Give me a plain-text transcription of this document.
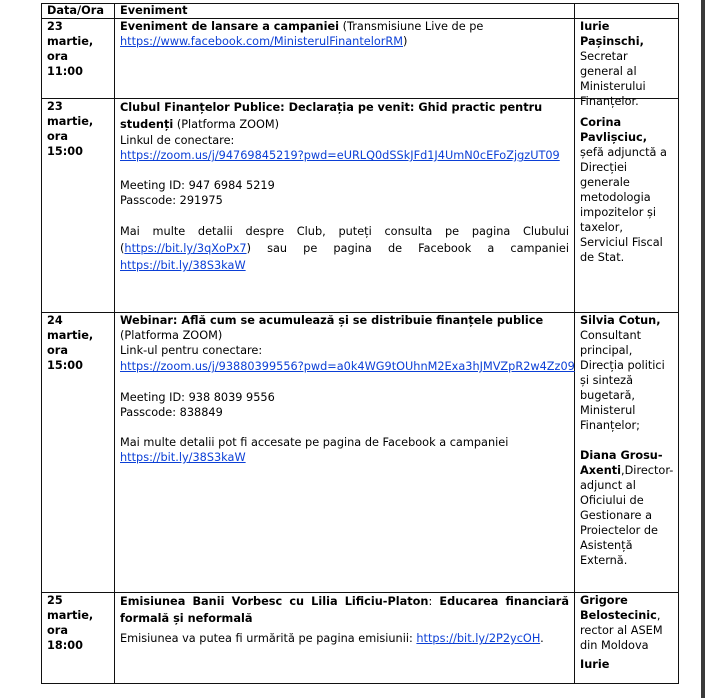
Data/Ora	Eveniment
23
martie,
ora
11:00
Eveniment de lansare a campaniei (Transmisiune Live de pe
https://www.facebook.com/MinisterulFinantelorRM)
Iurie Pașinschi,
Secretar general al Ministerului Finanțelor.
23
martie,
ora
15:00
Clubul Finanțelor Publice: Declarația pe venit: Ghid practic pentru studenți (Platforma ZOOM)
Linkul de conectare:
https://zoom.us/j/94769845219?pwd=eURLQ0dSSkJFd1J4UmN0cEFoZjgzUT09
Meeting ID: 947 6984 5219
Passcode: 291975
Mai multe detalii despre Club, puteți consulta pe pagina Clubului (https://bit.ly/3qXoPx7) sau pe pagina de Facebook a campaniei https://bit.ly/38S3kaW
Corina Pavlișciuc, șefă adjunctă a Direcției generale metodologia impozitelor și taxelor, Serviciul Fiscal de Stat.
24
martie,
ora
15:00
Webinar: Află cum se acumulează și se distribuie finanțele publice
(Platforma ZOOM)
Link-ul pentru conectare:
https://zoom.us/j/93880399556?pwd=a0k4WG9tOUhnM2Exa3hJMVZpR2w4Zz09
Meeting ID: 938 8039 9556
Passcode: 838849
Mai multe detalii pot fi accesate pe pagina de Facebook a campaniei
https://bit.ly/38S3kaW
Silvia Cotun,
Consultant principal, Direcția politici și sinteză bugetară, Ministerul Finanțelor;
Diana Grosu-Axenti,Director-adjunct al Oficiului de Gestionare a Proiectelor de Asistență Externă.
25
martie,
ora
18:00
Emisiunea Banii Vorbesc cu Lilia Lificiu-Platon: Educarea financiară formală și neformală
Emisiunea va putea fi urmărită pe pagina emisiunii: https://bit.ly/2P2ycOH.
Grigore Belostecinic, rector al ASEM din Moldova
Iurie
